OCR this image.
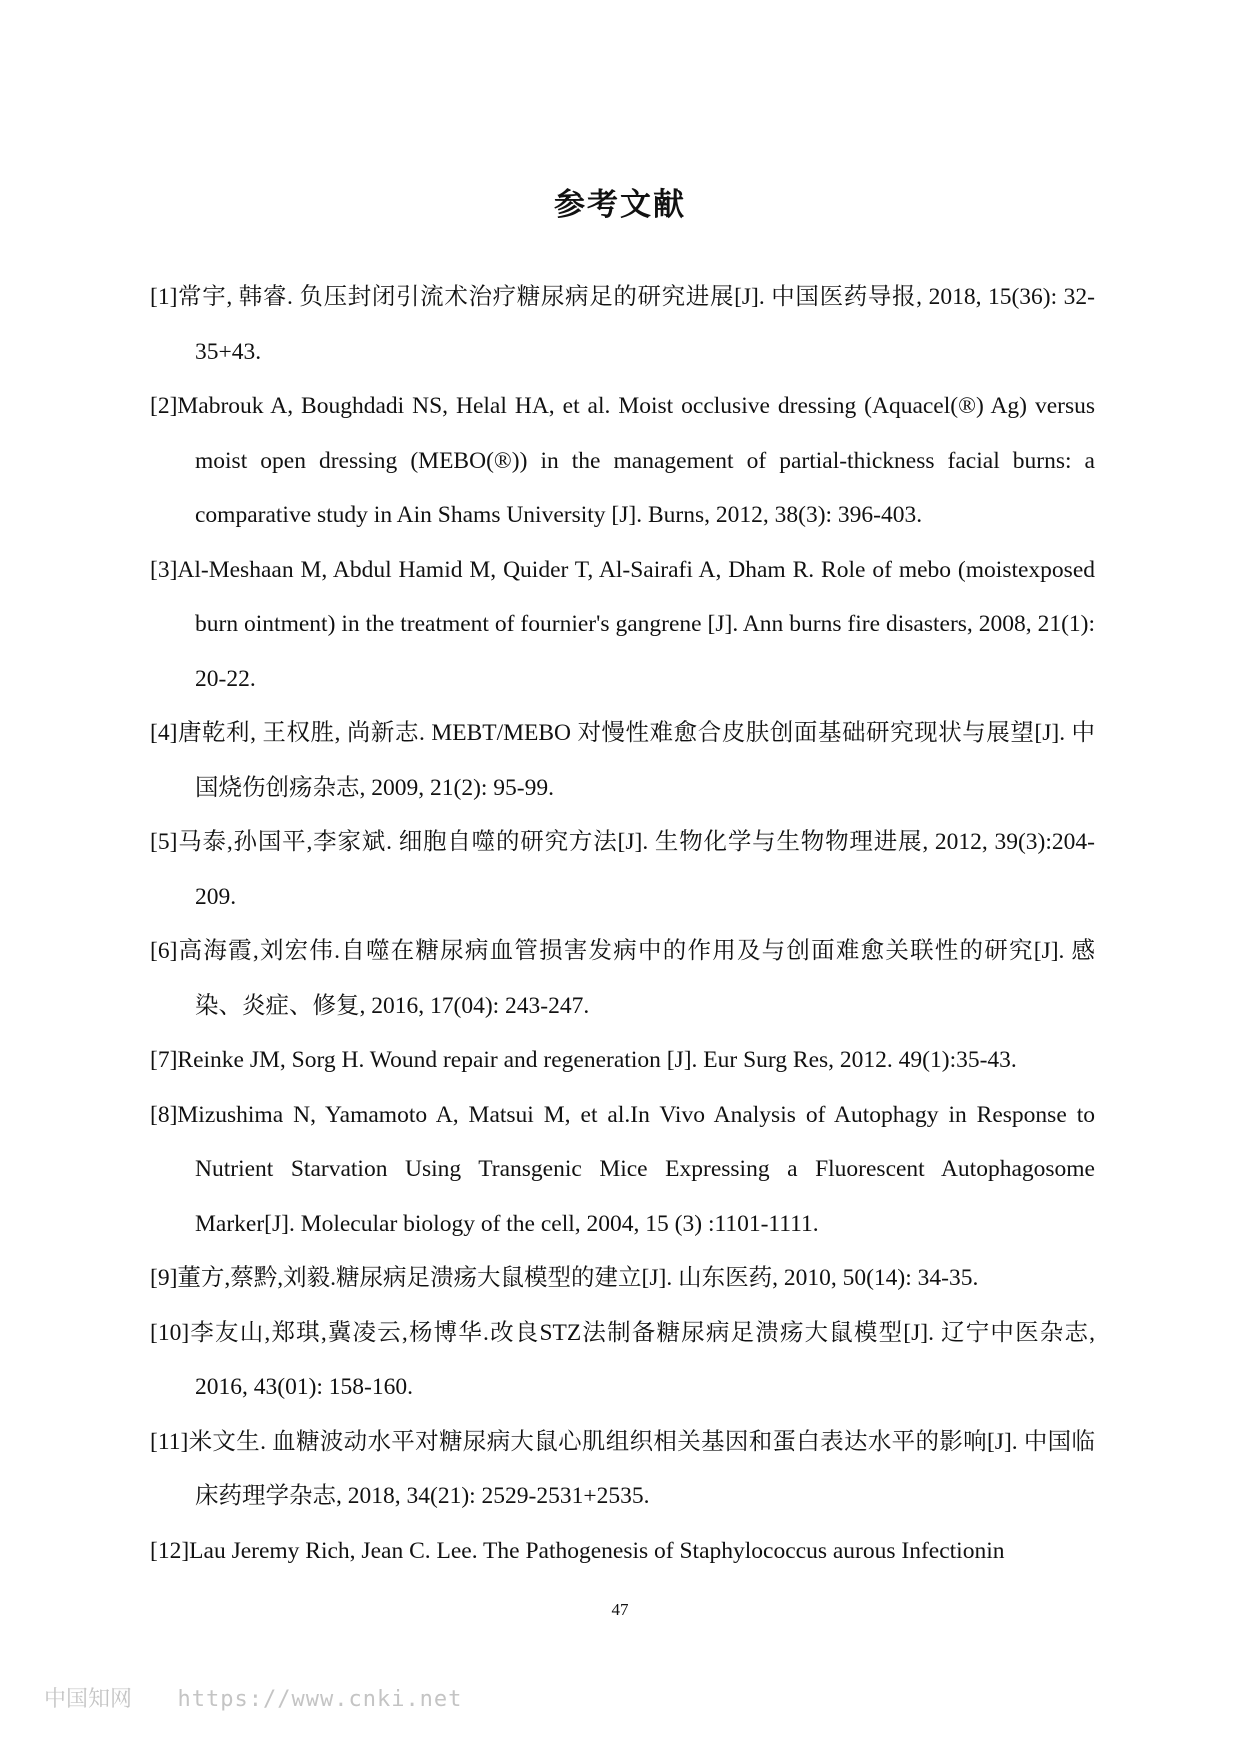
参考文献

[1]常宇, 韩睿. 负压封闭引流术治疗糖尿病足的研究进展[J]. 中国医药导报, 2018, 15(36): 32-35+43.

[2]Mabrouk A, Boughdadi NS, Helal HA, et al. Moist occlusive dressing (Aquacel(®) Ag) versus moist open dressing (MEBO(®)) in the management of partial-thickness facial burns: a comparative study in Ain Shams University [J]. Burns, 2012, 38(3): 396-403.

[3]Al-Meshaan M, Abdul Hamid M, Quider T, Al-Sairafi A, Dham R. Role of mebo (moistexposed burn ointment) in the treatment of fournier's gangrene [J]. Ann burns fire disasters, 2008, 21(1): 20-22.

[4]唐乾利, 王权胜, 尚新志. MEBT/MEBO 对慢性难愈合皮肤创面基础研究现状与展望[J]. 中国烧伤创疡杂志, 2009, 21(2): 95-99.

[5]马泰,孙国平,李家斌. 细胞自噬的研究方法[J]. 生物化学与生物物理进展, 2012, 39(3):204-209.

[6]高海霞,刘宏伟.自噬在糖尿病血管损害发病中的作用及与创面难愈关联性的研究[J]. 感染、炎症、修复, 2016, 17(04): 243-247.

[7]Reinke JM, Sorg H. Wound repair and regeneration [J]. Eur Surg Res, 2012. 49(1):35-43.

[8]Mizushima N, Yamamoto A, Matsui M, et al.In Vivo Analysis of Autophagy in Response to Nutrient Starvation Using Transgenic Mice Expressing a Fluorescent Autophagosome Marker[J]. Molecular biology of the cell, 2004, 15 (3) :1101-1111.

[9]董方,蔡黔,刘毅.糖尿病足溃疡大鼠模型的建立[J]. 山东医药, 2010, 50(14): 34-35.

[10]李友山,郑琪,冀凌云,杨博华.改良STZ法制备糖尿病足溃疡大鼠模型[J]. 辽宁中医杂志, 2016, 43(01): 158-160.

[11]米文生. 血糖波动水平对糖尿病大鼠心肌组织相关基因和蛋白表达水平的影响[J]. 中国临床药理学杂志, 2018, 34(21): 2529-2531+2535.

[12]Lau Jeremy Rich, Jean C. Lee. The Pathogenesis of Staphylococcus aurous Infectionin

47
中国知网 https://www.cnki.net
